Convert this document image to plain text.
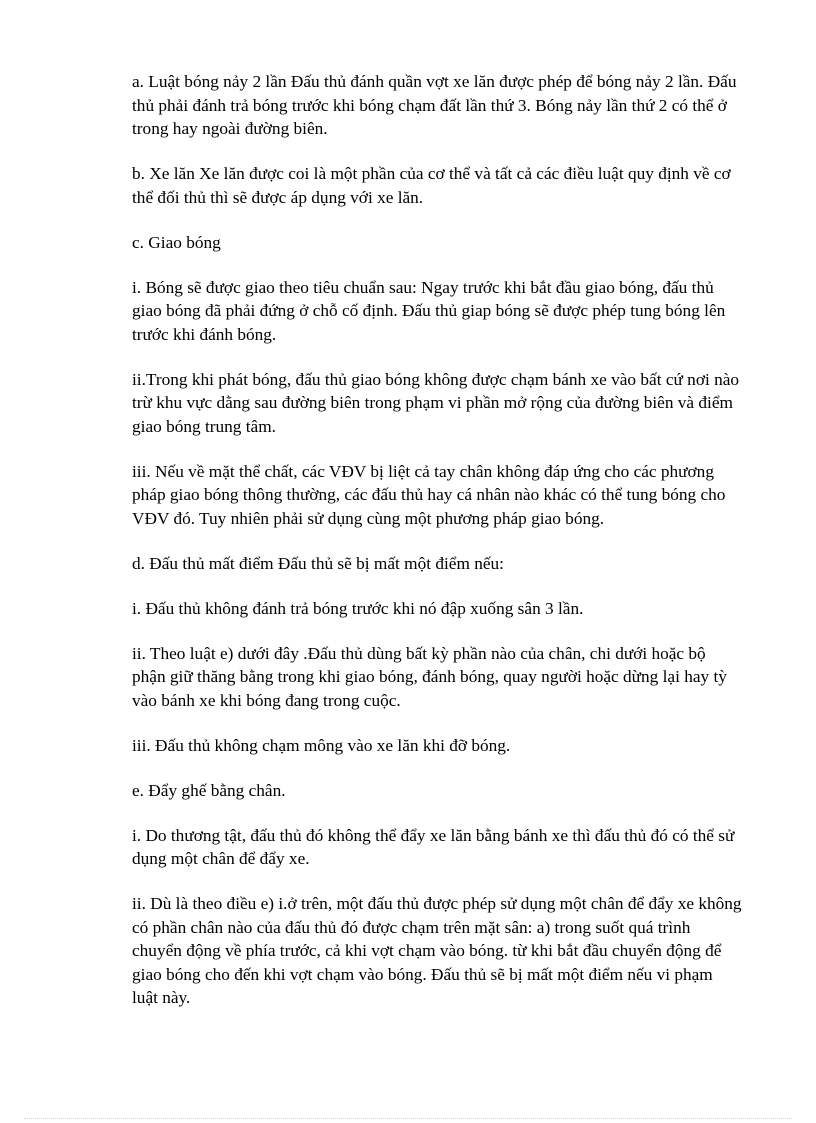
a. Luật bóng nảy 2 lần Đấu thủ đánh quần vợt xe lăn được phép để bóng nảy 2 lần. Đấu thủ phải đánh trả bóng trước khi bóng chạm đất lần thứ 3. Bóng nảy lần thứ 2 có thể ở trong hay ngoài đường biên.

b. Xe lăn Xe lăn được coi là một phần của cơ thể và tất cả các điều luật quy định về cơ thể đối thủ thì sẽ được áp dụng với xe lăn.

c. Giao bóng

i. Bóng sẽ được giao theo tiêu chuẩn sau: Ngay trước khi bắt đầu giao bóng, đấu thủ giao bóng đã phải đứng ở chỗ cố định. Đấu thủ giap bóng sẽ được phép tung bóng lên trước khi đánh bóng.

ii.Trong khi phát bóng, đấu thủ giao bóng không được chạm bánh xe vào bất cứ nơi nào trừ khu vực dằng sau đường biên trong phạm vi phần mở rộng của đường biên và điểm giao bóng trung tâm.

iii. Nếu về mặt thể chất, các VĐV bị liệt cả tay chân không đáp ứng cho các phương pháp giao bóng thông thường, các đấu thủ hay cá nhân nào khác có thể tung bóng cho VĐV đó. Tuy nhiên phải sử dụng cùng một phương pháp giao bóng.

d. Đấu thủ mất điểm Đấu thủ sẽ bị mất một điểm nếu:

i. Đấu thủ không đánh trả bóng trước khi nó đập xuống sân 3 lần.

ii. Theo luật e) dưới đây .Đấu thủ dùng bất kỳ phần nào của chân, chi dưới hoặc bộ phận giữ thăng bằng trong khi giao bóng, đánh bóng, quay người hoặc dừng lại hay tỳ vào bánh xe khi bóng đang trong cuộc.

iii. Đấu thủ không chạm mông vào xe lăn khi đỡ bóng.

e. Đẩy ghế bằng chân.

i. Do thương tật, đấu thủ đó không thể đẩy xe lăn bằng bánh xe thì đấu thủ đó có thể sử dụng một chân để đẩy xe.

ii. Dù là theo điều e) i.ở trên, một đấu thủ được phép sử dụng một chân để đẩy xe không có phần chân nào của đấu thủ đó được chạm trên mặt sân: a) trong suốt quá trình chuyển động về phía trước, cả khi vợt chạm vào bóng. từ khi bắt đầu chuyển động để giao bóng cho đến khi vợt chạm vào bóng. Đấu thủ sẽ bị mất một điểm nếu vi phạm luật này.
